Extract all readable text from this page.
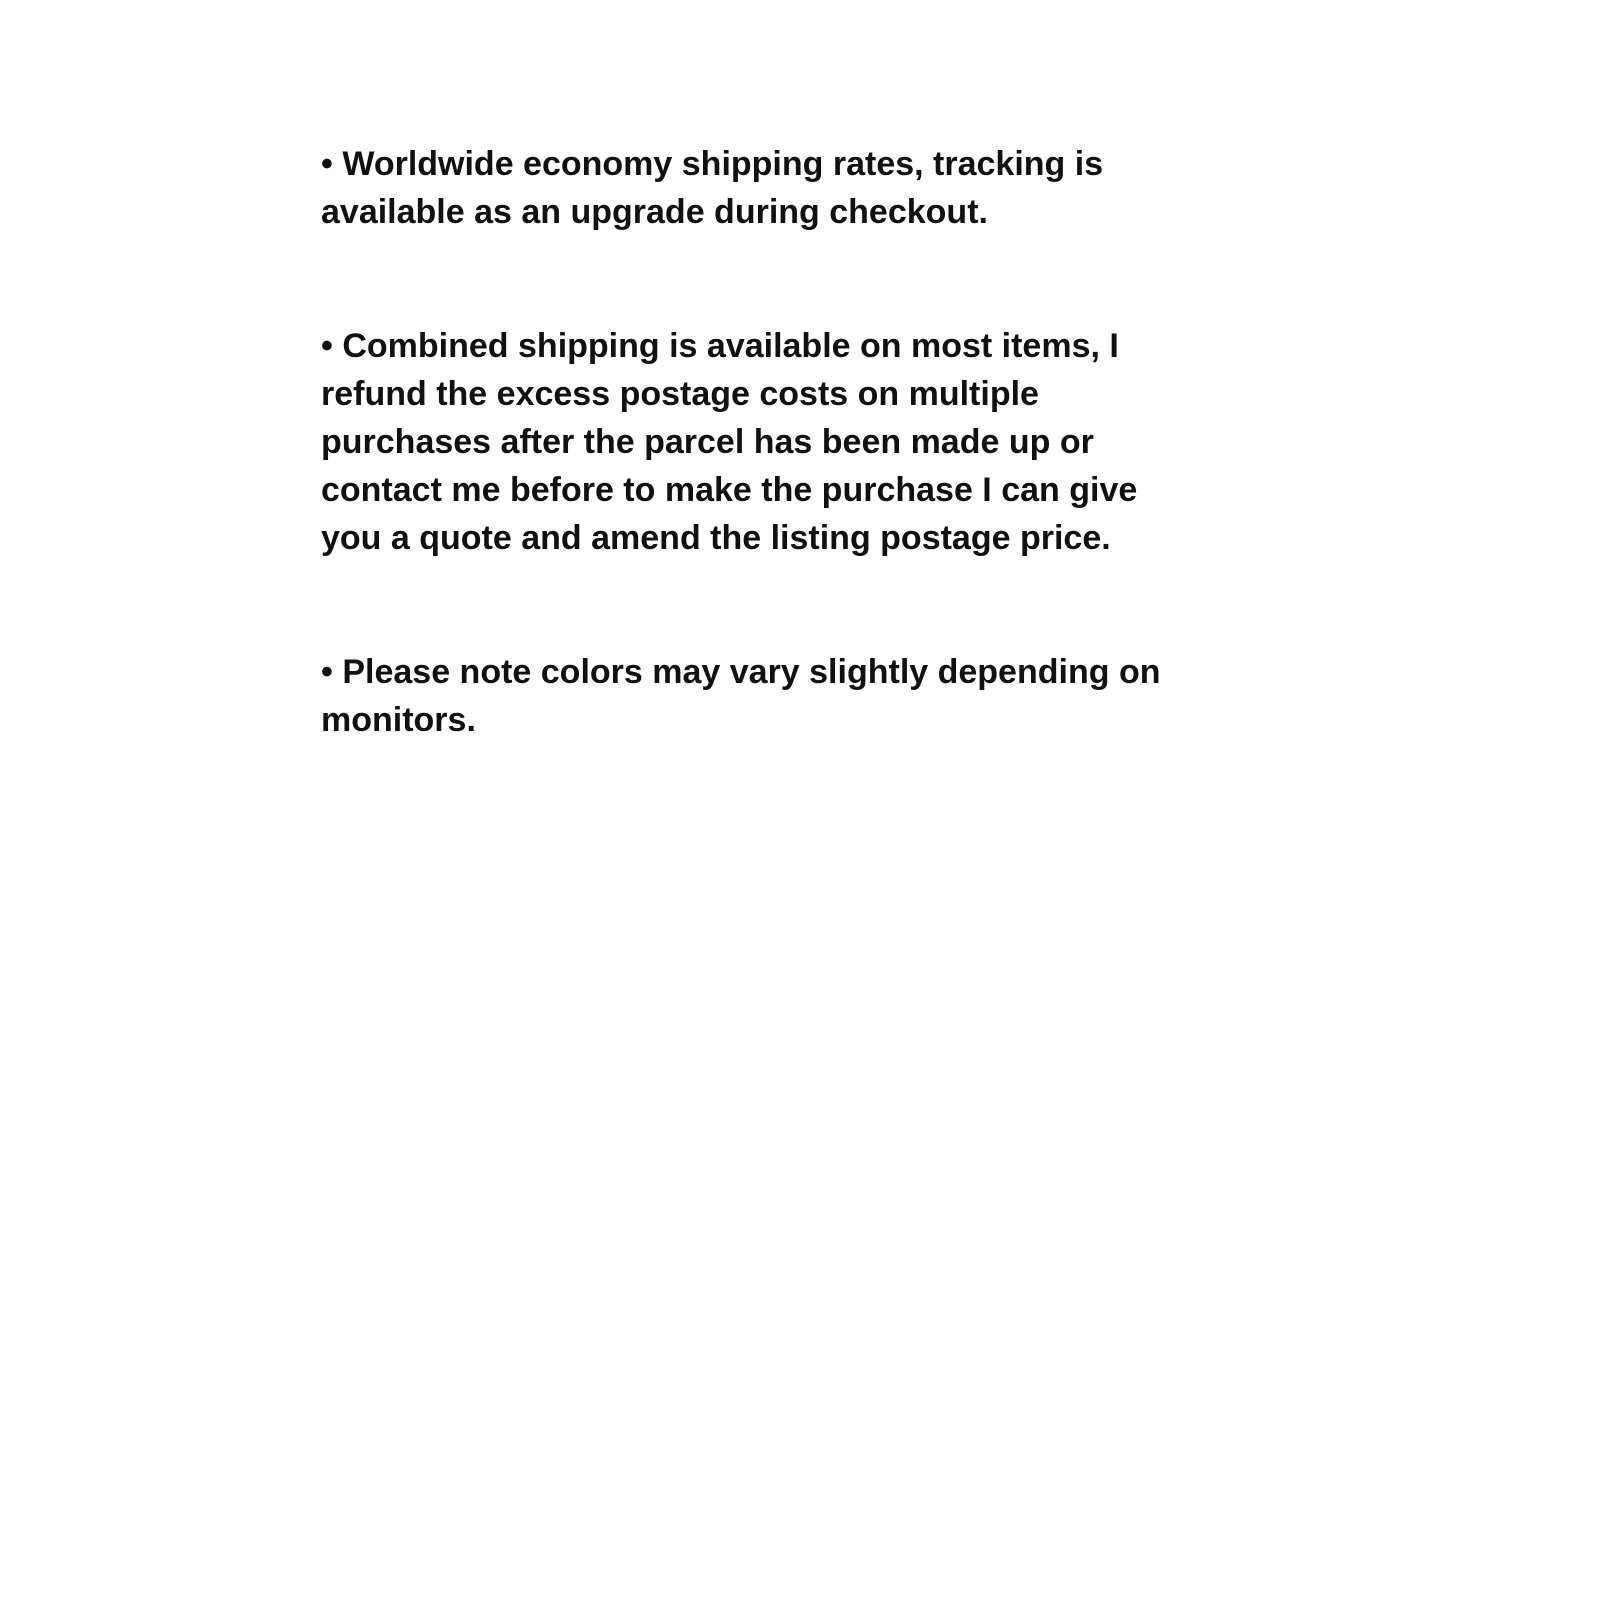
• Worldwide economy shipping rates, tracking is
available as an upgrade during checkout.
• Combined shipping is available on most items, I
refund the excess postage costs on multiple
purchases after the parcel has been made up or
contact me before to make the purchase I can give
you a quote and amend the listing postage price.
• Please note colors may vary slightly depending on
monitors.
